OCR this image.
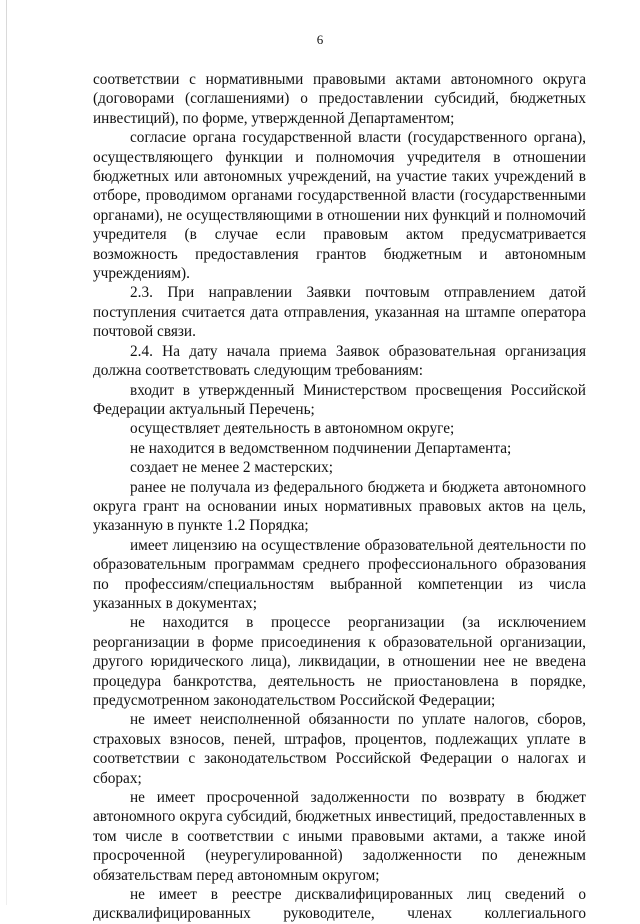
6

соответствии с нормативными правовыми актами автономного округа (договорами (соглашениями) о предоставлении субсидий, бюджетных инвестиций), по форме, утвержденной Департаментом;

согласие органа государственной власти (государственного органа), осуществляющего функции и полномочия учредителя в отношении бюджетных или автономных учреждений, на участие таких учреждений в отборе, проводимом органами государственной власти (государственными органами), не осуществляющими в отношении них функций и полномочий учредителя (в случае если правовым актом предусматривается возможность предоставления грантов бюджетным и автономным учреждениям).

2.3. При направлении Заявки почтовым отправлением датой поступления считается дата отправления, указанная на штампе оператора почтовой связи.

2.4. На дату начала приема Заявок образовательная организация должна соответствовать следующим требованиям:

входит в утвержденный Министерством просвещения Российской Федерации актуальный Перечень;

осуществляет деятельность в автономном округе;

не находится в ведомственном подчинении Департамента;

создает не менее 2 мастерских;

ранее не получала из федерального бюджета и бюджета автономного округа грант на основании иных нормативных правовых актов на цель, указанную в пункте 1.2 Порядка;

имеет лицензию на осуществление образовательной деятельности по образовательным программам среднего профессионального образования по профессиям/специальностям выбранной компетенции из числа указанных в документах;

не находится в процессе реорганизации (за исключением реорганизации в форме присоединения к образовательной организации, другого юридического лица), ликвидации, в отношении нее не введена процедура банкротства, деятельность не приостановлена в порядке, предусмотренном законодательством Российской Федерации;

не имеет неисполненной обязанности по уплате налогов, сборов, страховых взносов, пеней, штрафов, процентов, подлежащих уплате в соответствии с законодательством Российской Федерации о налогах и сборах;

не имеет просроченной задолженности по возврату в бюджет автономного округа субсидий, бюджетных инвестиций, предоставленных в том числе в соответствии с иными правовыми актами, а также иной просроченной (неурегулированной) задолженности по денежным обязательствам перед автономным округом;

не имеет в реестре дисквалифицированных лиц сведений о дисквалифицированных руководителе, членах коллегиального
